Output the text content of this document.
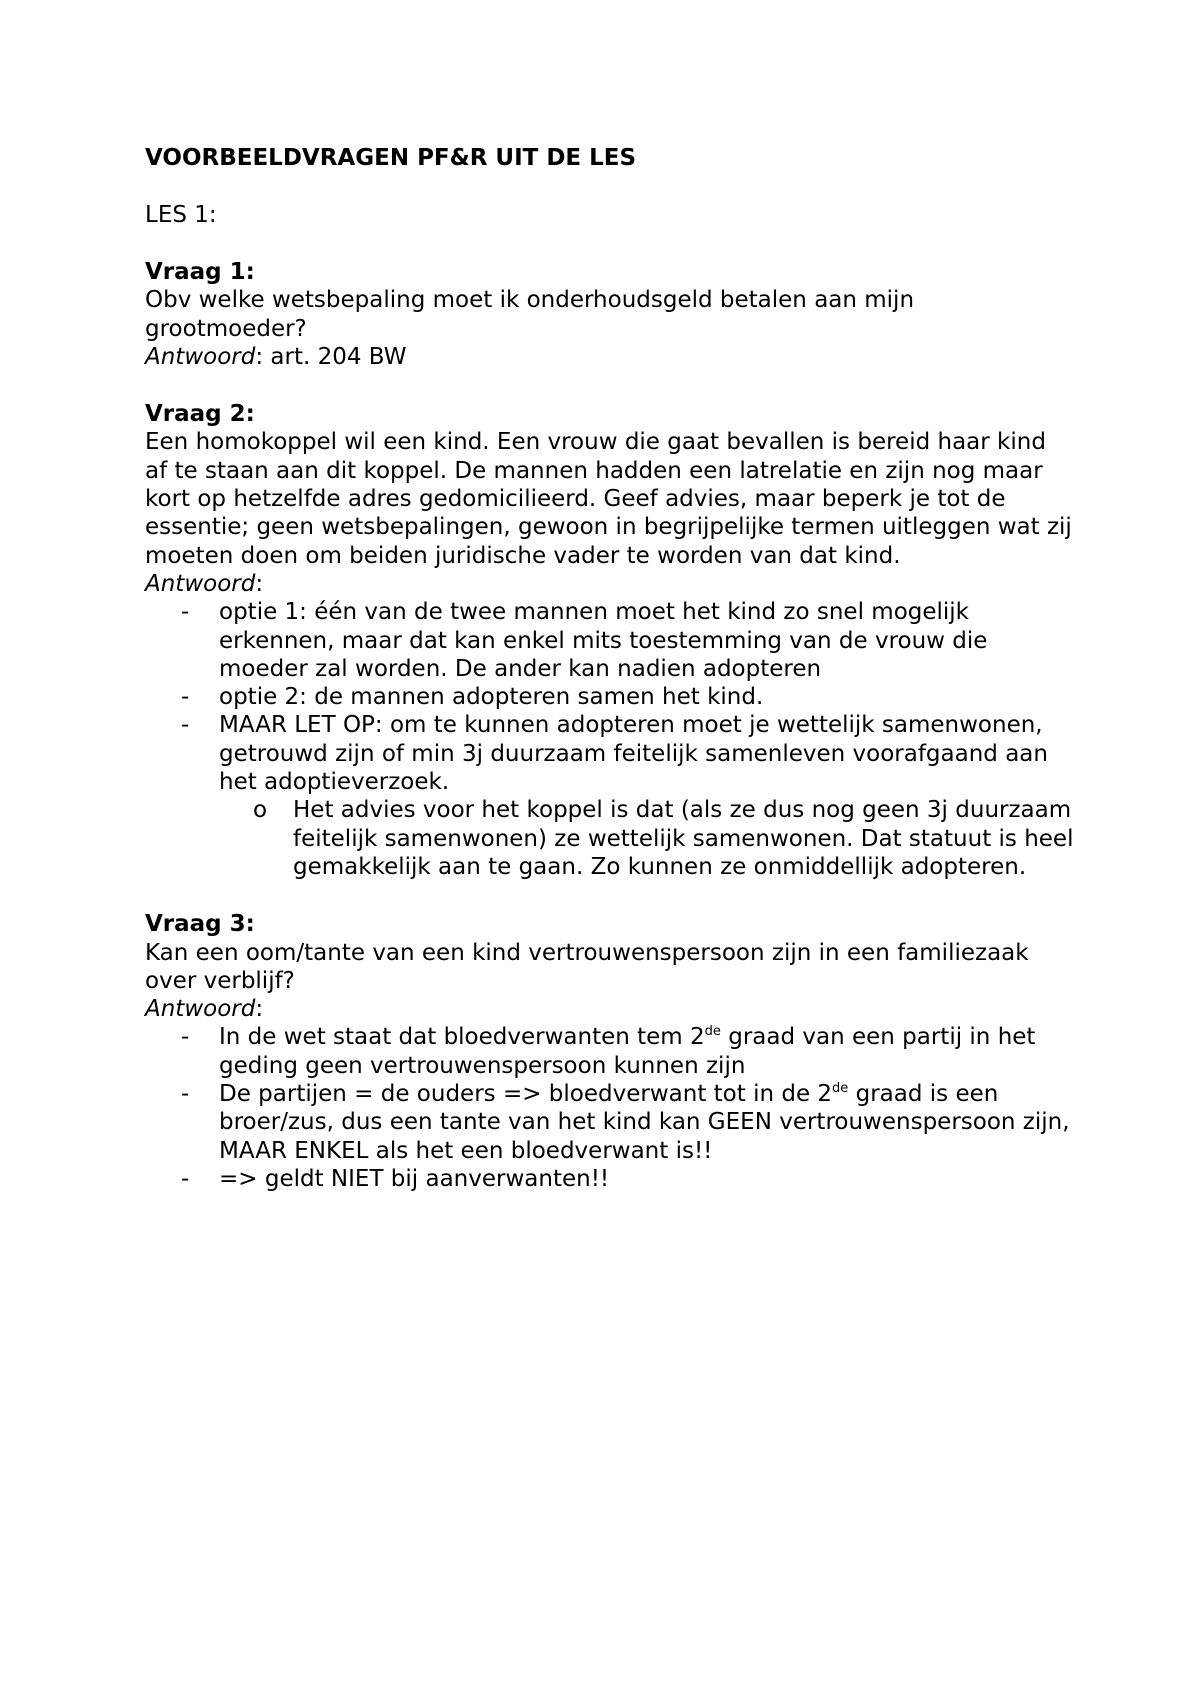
VOORBEELDVRAGEN PF&R UIT DE LES
LES 1:
Vraag 1:
Obv welke wetsbepaling moet ik onderhoudsgeld betalen aan mijn grootmoeder?
Antwoord: art. 204 BW
Vraag 2:
Een homokoppel wil een kind. Een vrouw die gaat bevallen is bereid haar kind af te staan aan dit koppel. De mannen hadden een latrelatie en zijn nog maar kort op hetzelfde adres gedomicilieerd. Geef advies, maar beperk je tot de essentie; geen wetsbepalingen, gewoon in begrijpelijke termen uitleggen wat zij moeten doen om beiden juridische vader te worden van dat kind.
Antwoord:
- optie 1: één van de twee mannen moet het kind zo snel mogelijk erkennen, maar dat kan enkel mits toestemming van de vrouw die moeder zal worden. De ander kan nadien adopteren
- optie 2: de mannen adopteren samen het kind.
- MAAR LET OP: om te kunnen adopteren moet je wettelijk samenwonen, getrouwd zijn of min 3j duurzaam feitelijk samenleven voorafgaand aan het adoptieverzoek.
o Het advies voor het koppel is dat (als ze dus nog geen 3j duurzaam feitelijk samenwonen) ze wettelijk samenwonen. Dat statuut is heel gemakkelijk aan te gaan. Zo kunnen ze onmiddellijk adopteren.
Vraag 3:
Kan een oom/tante van een kind vertrouwenspersoon zijn in een familiezaak over verblijf?
Antwoord:
- In de wet staat dat bloedverwanten tem 2de graad van een partij in het geding geen vertrouwenspersoon kunnen zijn
- De partijen = de ouders => bloedverwant tot in de 2de graad is een broer/zus, dus een tante van het kind kan GEEN vertrouwenspersoon zijn, MAAR ENKEL als het een bloedverwant is!!
- => geldt NIET bij aanverwanten!!
